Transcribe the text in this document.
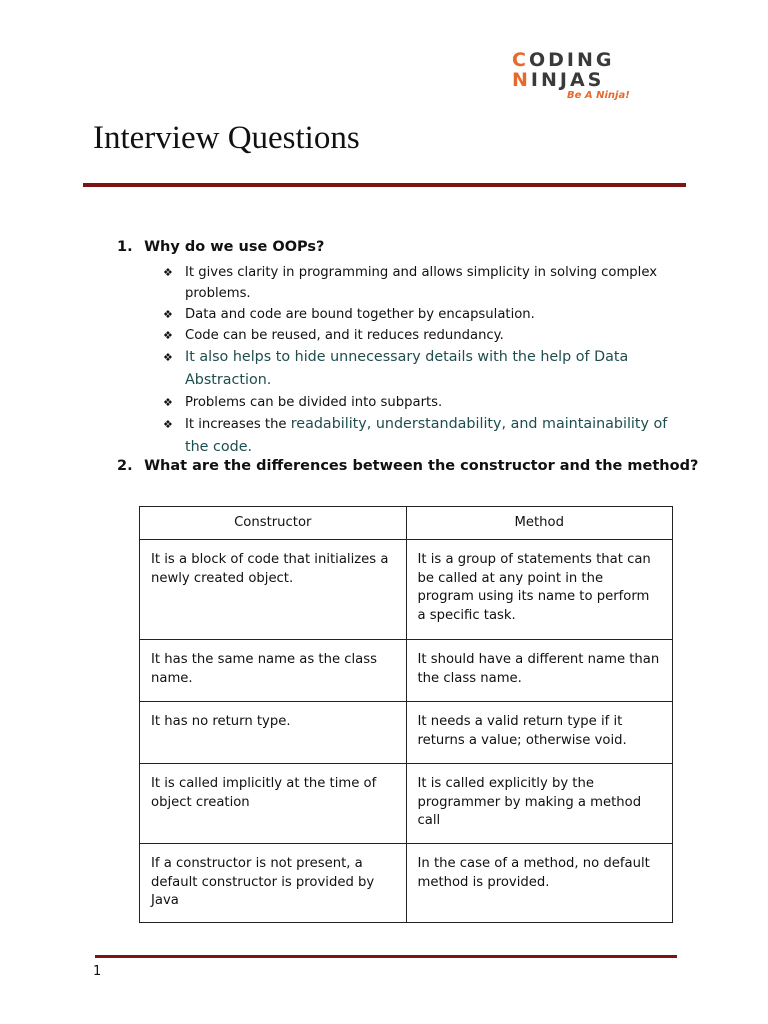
CODING
NINJAS
Be A Ninja!
Interview Questions
1. Why do we use OOPs?
❖ It gives clarity in programming and allows simplicity in solving complex problems.
❖ Data and code are bound together by encapsulation.
❖ Code can be reused, and it reduces redundancy.
❖ It also helps to hide unnecessary details with the help of Data Abstraction.
❖ Problems can be divided into subparts.
❖ It increases the readability, understandability, and maintainability of the code.
2. What are the differences between the constructor and the method?
Constructor	Method
It is a block of code that initializes a newly created object.	It is a group of statements that can be called at any point in the program using its name to perform a specific task.
It has the same name as the class name.	It should have a different name than the class name.
It has no return type.	It needs a valid return type if it returns a value; otherwise void.
It is called implicitly at the time of object creation	It is called explicitly by the programmer by making a method call
If a constructor is not present, a default constructor is provided by Java	In the case of a method, no default method is provided.
1
